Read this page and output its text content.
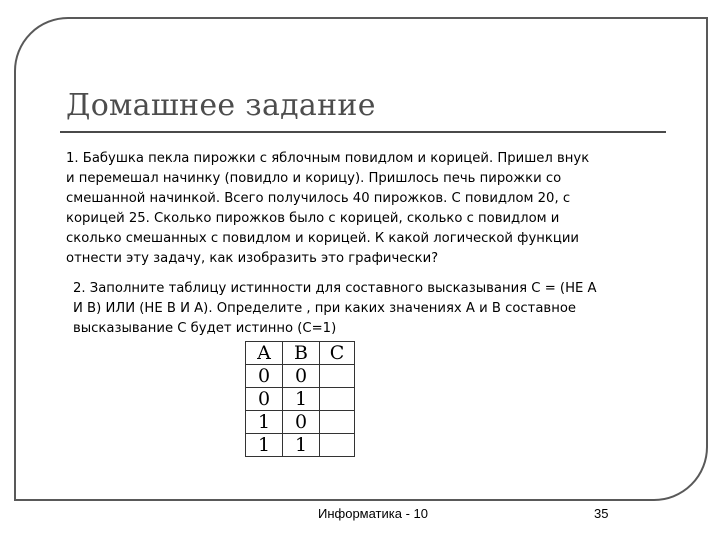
Домашнее задание
1. Бабушка пекла пирожки с яблочным повидлом и корицей. Пришел внук
и перемешал начинку (повидло и корицу). Пришлось печь пирожки со
смешанной начинкой. Всего получилось 40 пирожков. С повидлом 20, с
корицей 25. Сколько пирожков было с корицей, сколько с повидлом и
сколько смешанных с повидлом и корицей. К какой логической функции
отнести эту задачу, как изобразить это графически?
2. Заполните таблицу истинности для составного высказывания С = (НЕ А
И В) ИЛИ (НЕ В И А). Определите , при каких значениях А и В составное
высказывание С будет истинно (С=1)
A	B	C
0	0	
0	1	
1	0	
1	1	
Информатика - 10	35
